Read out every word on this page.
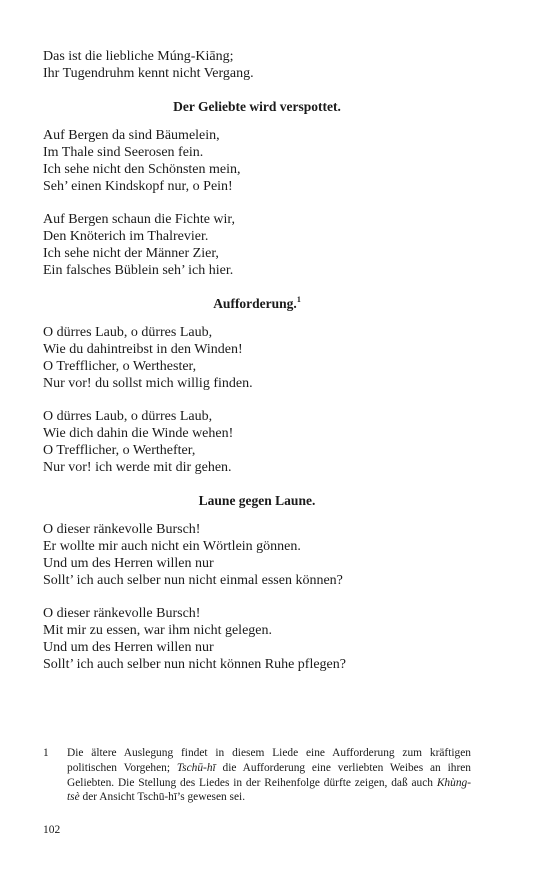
Das ist die liebliche Múng-Kiāng;
Ihr Tugendruhm kennt nicht Vergang.
Der Geliebte wird verspottet.
Auf Bergen da sind Bäumelein,
Im Thale sind Seerosen fein.
Ich sehe nicht den Schönsten mein,
Seh’ einen Kindskopf nur, o Pein!
Auf Bergen schaun die Fichte wir,
Den Knöterich im Thalrevier.
Ich sehe nicht der Männer Zier,
Ein falsches Büblein seh’ ich hier.
Aufforderung.$^1$
O dürres Laub, o dürres Laub,
Wie du dahintreibst in den Winden!
O Trefflicher, o Werthester,
Nur vor! du sollst mich willig finden.
O dürres Laub, o dürres Laub,
Wie dich dahin die Winde wehen!
O Trefflicher, o Werthefter,
Nur vor! ich werde mit dir gehen.
Laune gegen Laune.
O dieser ränkevolle Bursch!
Er wollte mir auch nicht ein Wörtlein gönnen.
Und um des Herren willen nur
Sollt’ ich auch selber nun nicht einmal essen können?
O dieser ränkevolle Bursch!
Mit mir zu essen, war ihm nicht gelegen.
Und um des Herren willen nur
Sollt’ ich auch selber nun nicht können Ruhe pflegen?
1	Die ältere Auslegung findet in diesem Liede eine Aufforderung zum kräftigen politischen Vorgehen; Tschū-hī die Aufforderung eine verliebten Weibes an ihren Geliebten. Die Stellung des Liedes in der Reihenfolge dürfte zeigen, daß auch Khùng-tsè der Ansicht Tschū-hī’s gewesen sei.
102
